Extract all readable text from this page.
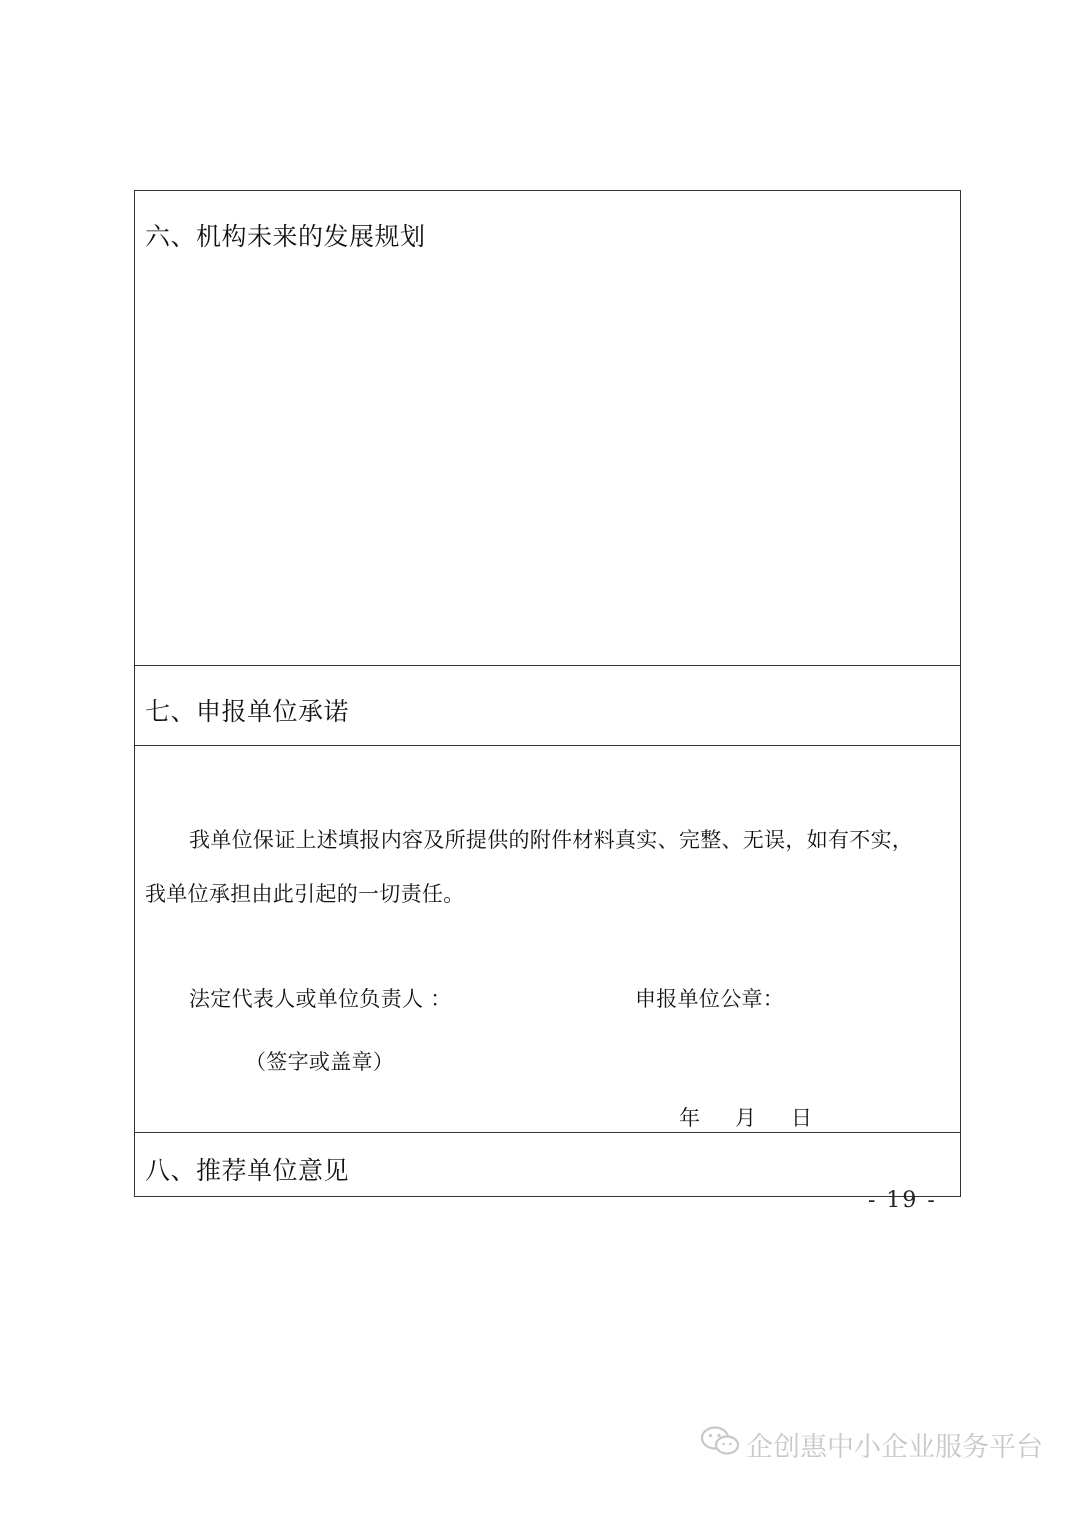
六、机构未来的发展规划
七、申报单位承诺
我单位保证上述填报内容及所提供的附件材料真实、完整、无误，如有不实，
我单位承担由此引起的一切责任。
法定代表人或单位负责人 ：	申报单位公章：
（签字或盖章）
年 月 日
八、推荐单位意见
- 19 -
企创惠中小企业服务平台
